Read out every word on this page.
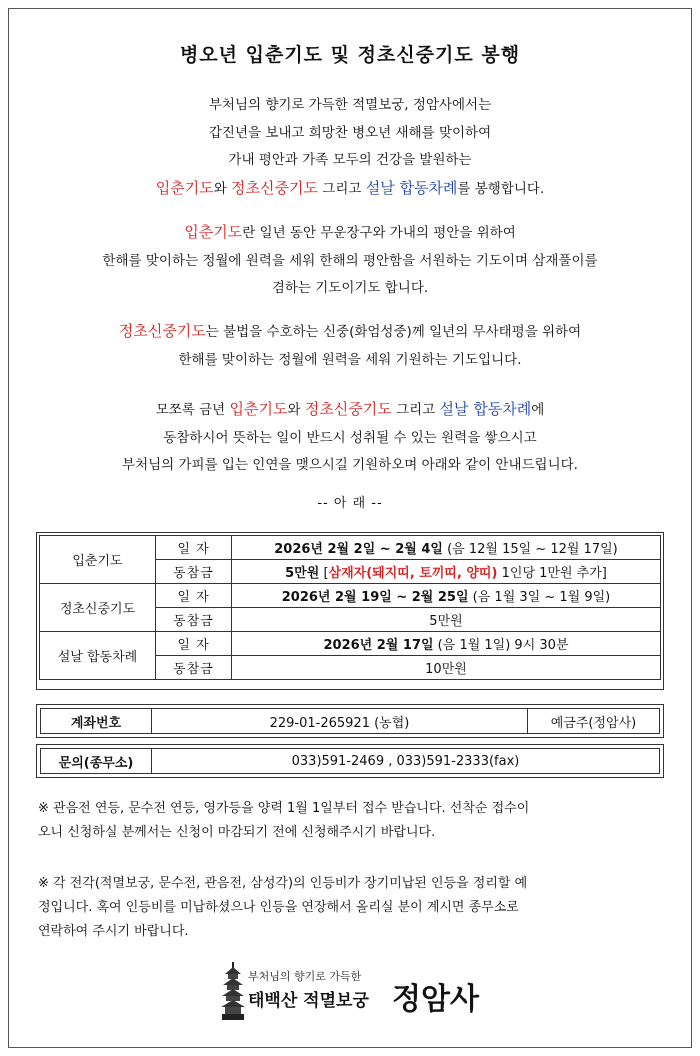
병오년 입춘기도 및 정초신중기도 봉행
부처님의 향기로 가득한 적멸보궁, 정암사에서는
갑진년을 보내고 희망찬 병오년 새해를 맞이하여
가내 평안과 가족 모두의 건강을 발원하는
입춘기도와 정초신중기도 그리고 설날 합동차례를 봉행합니다.
입춘기도란 일년 동안 무운장구와 가내의 평안을 위하여
한해를 맞이하는 정월에 원력을 세워 한해의 평안함을 서원하는 기도이며 삼재풀이를
겸하는 기도이기도 합니다.
정초신중기도는 불법을 수호하는 신중(화엄성중)께 일년의 무사태평을 위하여
한해를 맞이하는 정월에 원력을 세워 기원하는 기도입니다.
모쪼록 금년 입춘기도와 정초신중기도 그리고 설날 합동차례에
동참하시어 뜻하는 일이 반드시 성취될 수 있는 원력을 쌓으시고
부처님의 가피를 입는 인연을 맺으시길 기원하오며 아래와 같이 안내드립니다.
-- 아 래 --
입춘기도	일 자	2026년 2월 2일 ~ 2월 4일 (음 12월 15일 ~ 12월 17일)
	동참금	5만원 [삼재자(돼지띠, 토끼띠, 양띠) 1인당 1만원 추가]
정초신중기도	일 자	2026년 2월 19일 ~ 2월 25일 (음 1월 3일 ~ 1월 9일)
	동참금	5만원
설날 합동차례	일 자	2026년 2월 17일 (음 1월 1일) 9시 30분
	동참금	10만원
계좌번호	229-01-265921 (농협)	예금주(정암사)
문의(종무소)	033)591-2469 , 033)591-2333(fax)
※ 관음전 연등, 문수전 연등, 영가등을 양력 1월 1일부터 접수 받습니다. 선착순 접수이
오니 신청하실 분께서는 신청이 마감되기 전에 신청해주시기 바랍니다.
※ 각 전각(적멸보궁, 문수전, 관음전, 삼성각)의 인등비가 장기미납된 인등을 정리할 예
정입니다. 혹여 인등비를 미납하셨으나 인등을 연장해서 올리실 분이 계시면 종무소로
연락하여 주시기 바랍니다.
부처님의 향기로 가득한
태백산 적멸보궁 정암사
